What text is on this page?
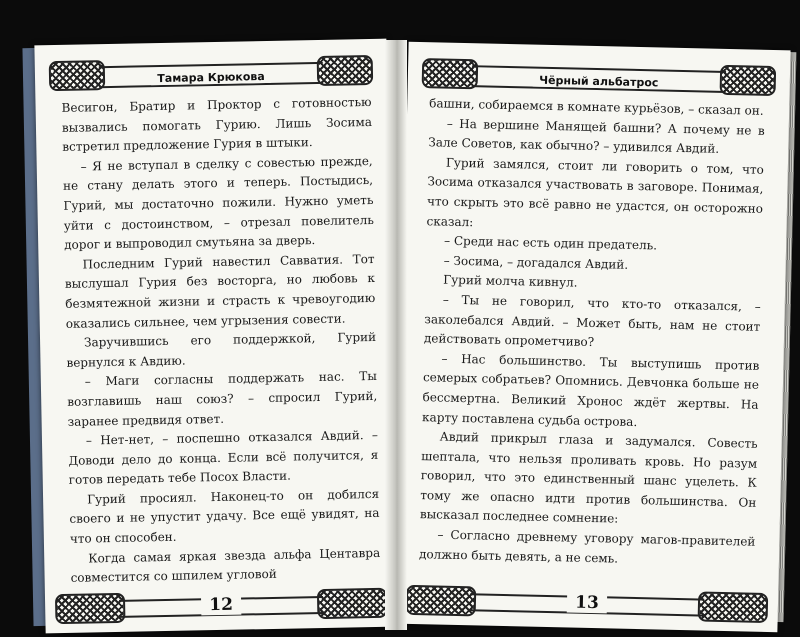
Тамара Крюкова

Весигон, Братир и Проктор с готовностью вызвались помогать Гурию. Лишь Зосима встретил предложение Гурия в штыки.

– Я не вступал в сделку с совестью прежде, не стану делать этого и теперь. Постыдись, Гурий, мы достаточно пожили. Нужно уметь уйти с достоинством, – отрезал повелитель дорог и выпроводил смутьяна за дверь.

Последним Гурий навестил Савватия. Тот выслушал Гурия без восторга, но любовь к безмятежной жизни и страсть к чревоугодию оказались сильнее, чем угрызения совести.

Заручившись его поддержкой, Гурий вернулся к Авдию.

– Маги согласны поддержать нас. Ты возглавишь наш союз? – спросил Гурий, заранее предвидя ответ.

– Нет-нет, – поспешно отказался Авдий. – Доводи дело до конца. Если всё получится, я готов передать тебе Посох Власти.

Гурий просиял. Наконец-то он добился своего и не упустит удачу. Все ещё увидят, на что он способен.

Когда самая яркая звезда альфа Центавра совместится со шпилем угловой

12
Чёрный альбатрос

башни, собираемся в комнате курьёзов, – сказал он.

– На вершине Манящей башни? А почему не в Зале Советов, как обычно? – удивился Авдий.

Гурий замялся, стоит ли говорить о том, что Зосима отказался участвовать в заговоре. Понимая, что скрыть это всё равно не удастся, он осторожно сказал:

– Среди нас есть один предатель.

– Зосима, – догадался Авдий.

Гурий молча кивнул.

– Ты не говорил, что кто-то отказался, – заколебался Авдий. – Может быть, нам не стоит действовать опрометчиво?

– Нас большинство. Ты выступишь против семерых собратьев? Опомнись. Девчонка больше не бессмертна. Великий Хронос ждёт жертвы. На карту поставлена судьба острова.

Авдий прикрыл глаза и задумался. Совесть шептала, что нельзя проливать кровь. Но разум говорил, что это единственный шанс уцелеть. К тому же опасно идти против большинства. Он высказал последнее сомнение:

– Согласно древнему уговору магов-правителей должно быть девять, а не семь.

13
